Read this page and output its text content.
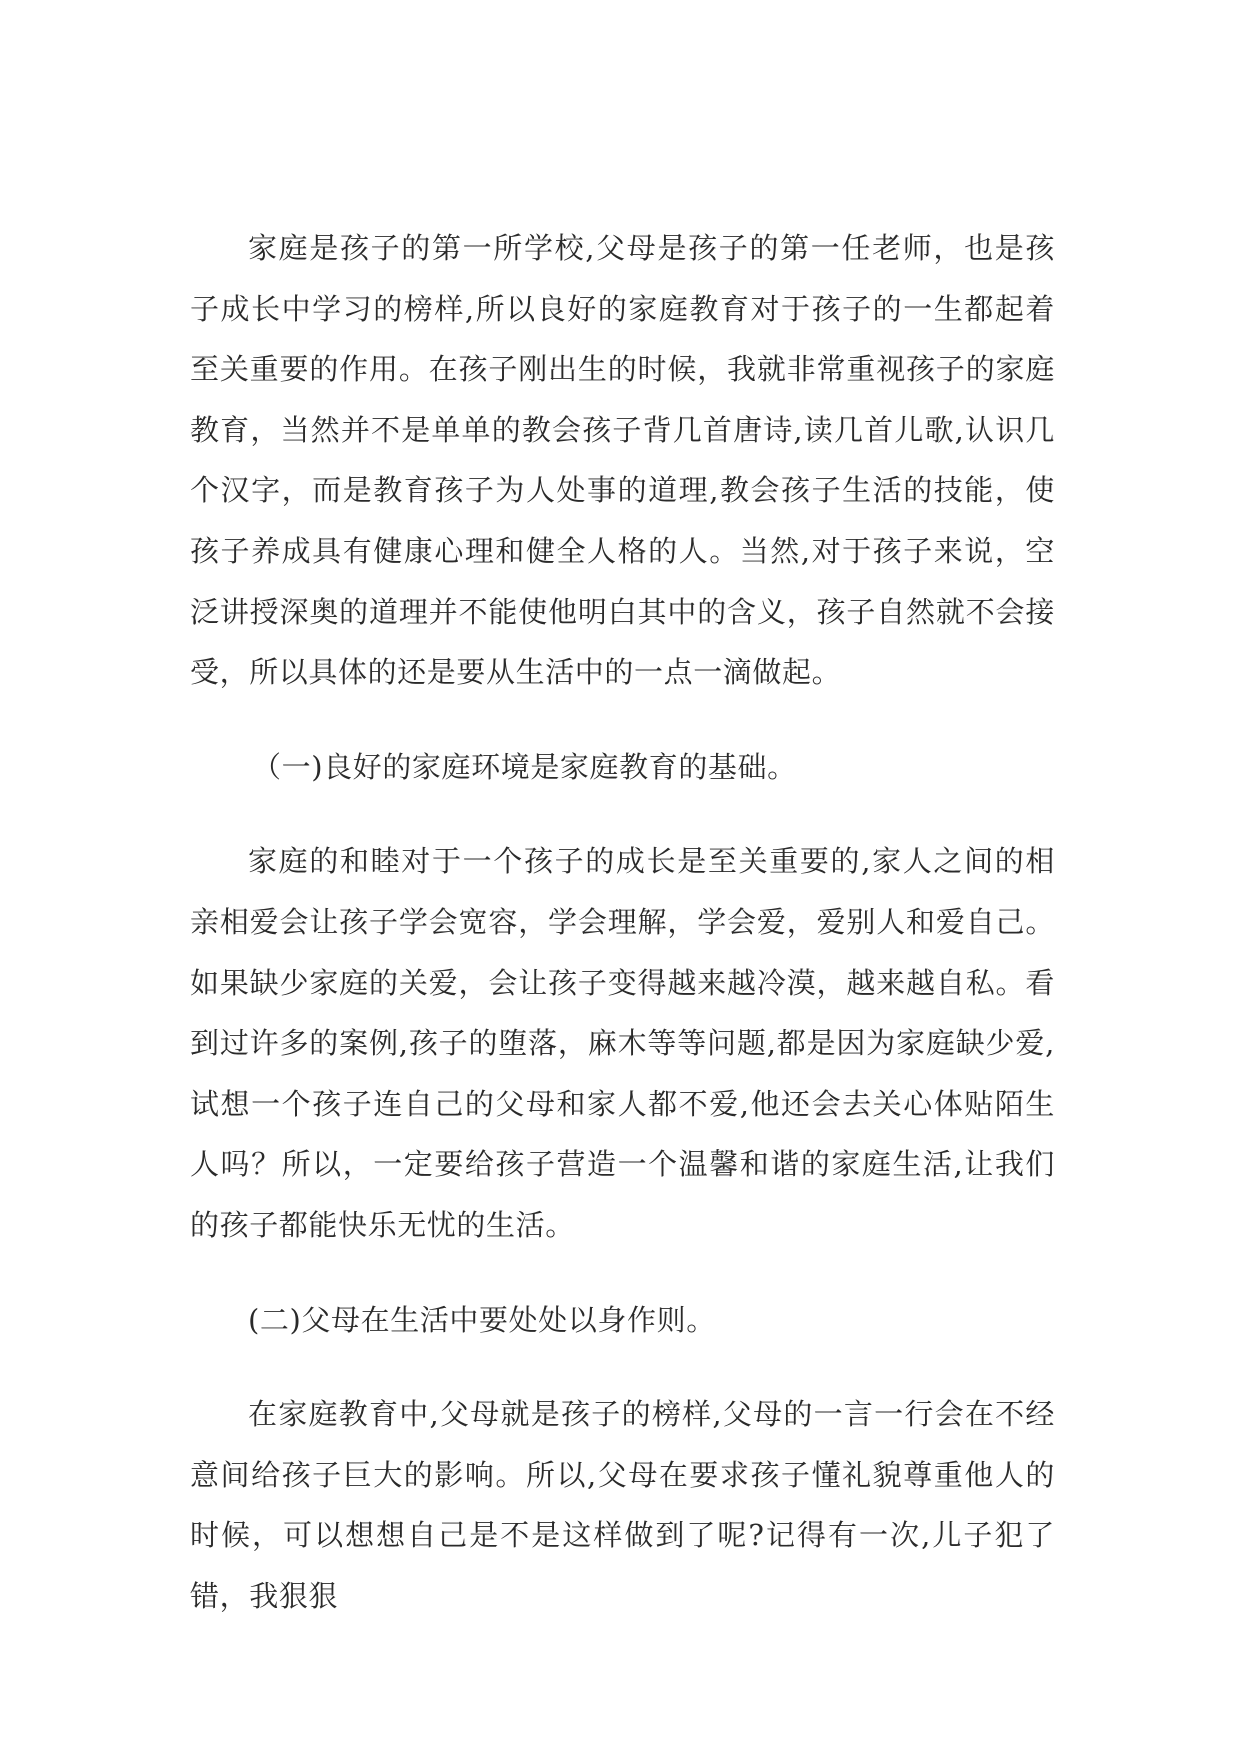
家庭是孩子的第一所学校,父母是孩子的第一任老师，也是孩子成长中学习的榜样,所以良好的家庭教育对于孩子的一生都起着至关重要的作用。在孩子刚出生的时候，我就非常重视孩子的家庭教育，当然并不是单单的教会孩子背几首唐诗,读几首儿歌,认识几个汉字，而是教育孩子为人处事的道理,教会孩子生活的技能，使孩子养成具有健康心理和健全人格的人。当然,对于孩子来说，空泛讲授深奥的道理并不能使他明白其中的含义，孩子自然就不会接受，所以具体的还是要从生活中的一点一滴做起。

（一)良好的家庭环境是家庭教育的基础。

家庭的和睦对于一个孩子的成长是至关重要的,家人之间的相亲相爱会让孩子学会宽容，学会理解，学会爱，爱别人和爱自己。如果缺少家庭的关爱，会让孩子变得越来越冷漠，越来越自私。看到过许多的案例,孩子的堕落，麻木等等问题,都是因为家庭缺少爱,试想一个孩子连自己的父母和家人都不爱,他还会去关心体贴陌生人吗？所以，一定要给孩子营造一个温馨和谐的家庭生活,让我们的孩子都能快乐无忧的生活。

(二)父母在生活中要处处以身作则。

在家庭教育中,父母就是孩子的榜样,父母的一言一行会在不经意间给孩子巨大的影响。所以,父母在要求孩子懂礼貌尊重他人的时候，可以想想自己是不是这样做到了呢?记得有一次,儿子犯了错，我狠狠
